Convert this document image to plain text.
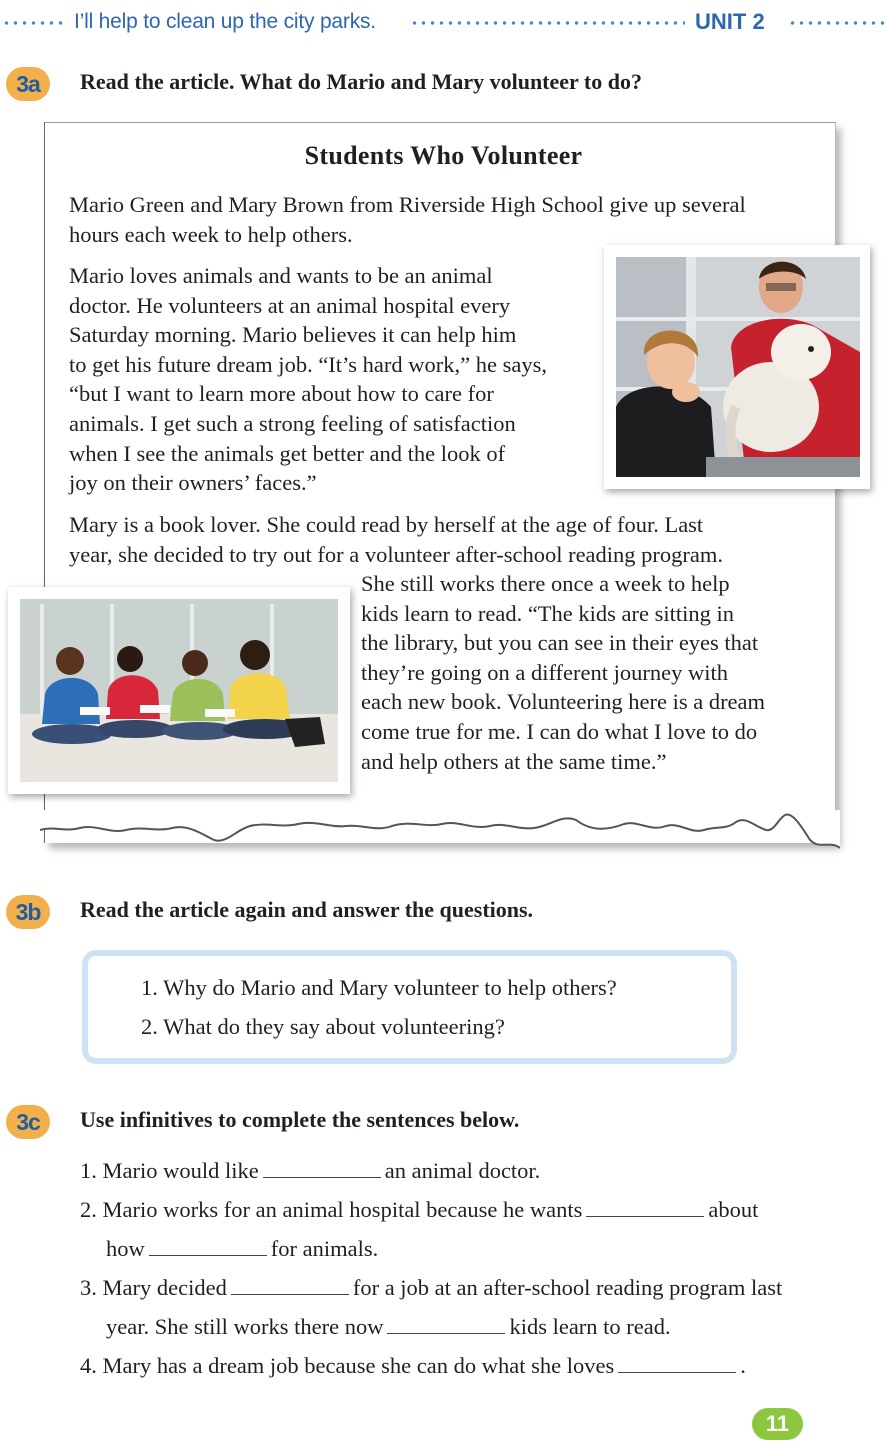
I’ll help to clean up the city parks.	UNIT 2
3a	Read the article. What do Mario and Mary volunteer to do?
Students Who Volunteer
Mario Green and Mary Brown from Riverside High School give up several
hours each week to help others.
Mario loves animals and wants to be an animal
doctor. He volunteers at an animal hospital every
Saturday morning. Mario believes it can help him
to get his future dream job. “It’s hard work,” he says,
“but I want to learn more about how to care for
animals. I get such a strong feeling of satisfaction
when I see the animals get better and the look of
joy on their owners’ faces.”
Mary is a book lover. She could read by herself at the age of four. Last
year, she decided to try out for a volunteer after-school reading program.
She still works there once a week to help
kids learn to read. “The kids are sitting in
the library, but you can see in their eyes that
they’re going on a different journey with
each new book. Volunteering here is a dream
come true for me. I can do what I love to do
and help others at the same time.”
3b	Read the article again and answer the questions.
1. Why do Mario and Mary volunteer to help others?
2. What do they say about volunteering?
3c	Use infinitives to complete the sentences below.
1. Mario would like	an animal doctor.
2. Mario works for an animal hospital because he wants	about
how	for animals.
3. Mary decided	for a job at an after-school reading program last
year. She still works there now	kids learn to read.
4. Mary has a dream job because she can do what she loves	.
11
